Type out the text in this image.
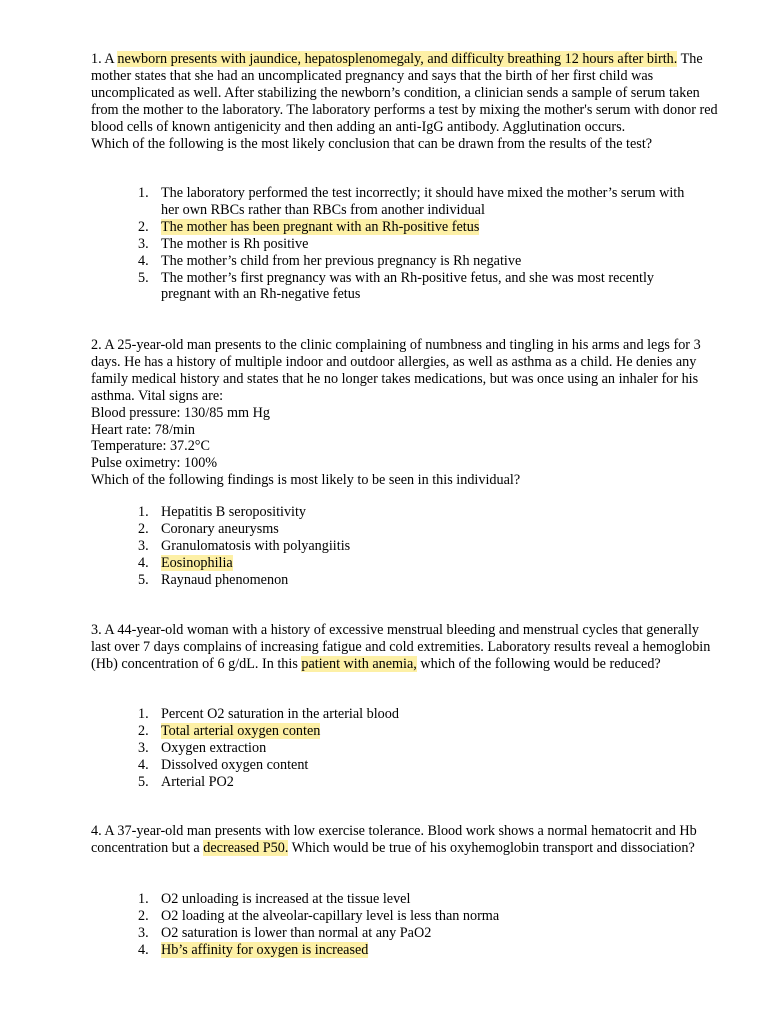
1. A newborn presents with jaundice, hepatosplenomegaly, and difficulty breathing 12 hours after birth. The mother states that she had an uncomplicated pregnancy and says that the birth of her first child was uncomplicated as well. After stabilizing the newborn’s condition, a clinician sends a sample of serum taken from the mother to the laboratory. The laboratory performs a test by mixing the mother's serum with donor red blood cells of known antigenicity and then adding an anti-IgG antibody. Agglutination occurs.
Which of the following is the most likely conclusion that can be drawn from the results of the test?

1. The laboratory performed the test incorrectly; it should have mixed the mother’s serum with her own RBCs rather than RBCs from another individual
2. The mother has been pregnant with an Rh-positive fetus
3. The mother is Rh positive
4. The mother’s child from her previous pregnancy is Rh negative
5. The mother’s first pregnancy was with an Rh-positive fetus, and she was most recently pregnant with an Rh-negative fetus

2. A 25-year-old man presents to the clinic complaining of numbness and tingling in his arms and legs for 3 days. He has a history of multiple indoor and outdoor allergies, as well as asthma as a child. He denies any family medical history and states that he no longer takes medications, but was once using an inhaler for his asthma. Vital signs are:
Blood pressure: 130/85 mm Hg
Heart rate: 78/min
Temperature: 37.2°C
Pulse oximetry: 100%
Which of the following findings is most likely to be seen in this individual?

1. Hepatitis B seropositivity
2. Coronary aneurysms
3. Granulomatosis with polyangiitis
4. Eosinophilia
5. Raynaud phenomenon

3. A 44-year-old woman with a history of excessive menstrual bleeding and menstrual cycles that generally last over 7 days complains of increasing fatigue and cold extremities. Laboratory results reveal a hemoglobin (Hb) concentration of 6 g/dL. In this patient with anemia, which of the following would be reduced?

1. Percent O2 saturation in the arterial blood
2. Total arterial oxygen conten
3. Oxygen extraction
4. Dissolved oxygen content
5. Arterial PO2

4. A 37-year-old man presents with low exercise tolerance. Blood work shows a normal hematocrit and Hb concentration but a decreased P50. Which would be true of his oxyhemoglobin transport and dissociation?

1. O2 unloading is increased at the tissue level
2. O2 loading at the alveolar-capillary level is less than norma
3. O2 saturation is lower than normal at any PaO2
4. Hb’s affinity for oxygen is increased
